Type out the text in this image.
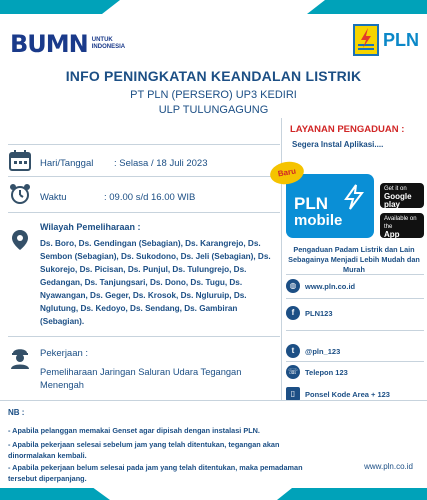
BUMN UNTUK INDONESIA	PLN
INFO PENINGKATAN KEANDALAN LISTRIK
PT PLN (PERSERO) UP3 KEDIRI
ULP TULUNGAGUNG
Hari/Tanggal : Selasa / 18 Juli 2023
Waktu	: 09.00 s/d 16.00 WIB
Wilayah Pemeliharaan :
Ds. Boro, Ds. Gendingan (Sebagian), Ds. Karangrejo, Ds. Sembon (Sebagian), Ds. Sukodono, Ds. Jeli (Sebagian), Ds. Sukorejo, Ds. Picisan, Ds. Punjul, Ds. Tulungrejo, Ds. Gedangan, Ds. Tanjungsari, Ds. Dono, Ds. Tugu, Ds. Nyawangan, Ds. Geger, Ds. Krosok, Ds. Ngluruip, Ds. Nglutung, Ds. Kedoyo, Ds. Sendang, Ds. Gambiran (Sebagian).
Pekerjaan :
Pemeliharaan Jaringan Saluran Udara Tegangan Menengah
LAYANAN PENGADUAN :
Segera Instal Aplikasi....
PLN
mobile
Baru
Get it on
Google play
Available on the
App Store
Pengaduan Padam Listrik dan Lain Sebagainya Menjadi Lebih Mudah dan Murah
◍	www.pln.co.id
f	PLN123
t	@pln_123
☏ Telepon 123
▯	Ponsel Kode Area + 123
NB :
- Apabila pelanggan memakai Genset agar dipisah dengan instalasi PLN.
- Apabila pekerjaan selesai sebelum jam yang telah ditentukan, tegangan akan dinormalakan kembali.
- Apabila pekerjaan belum selesai pada jam yang telah ditentukan, maka pemadaman tersebut diperpanjang.
www.pln.co.id
